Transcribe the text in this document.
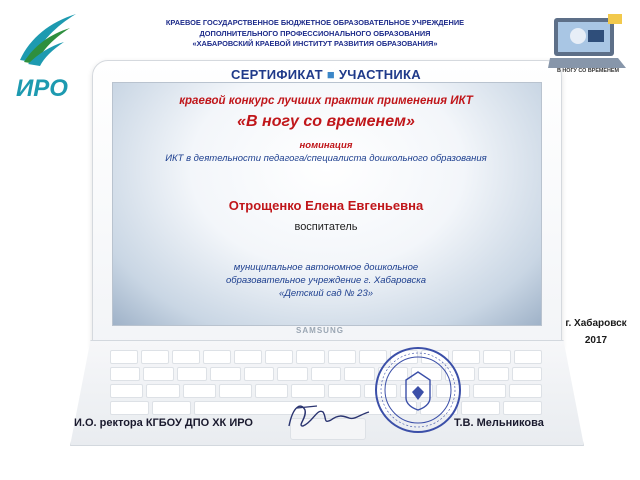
SAMSUNG
ИРО
КРАЕВОЕ ГОСУДАРСТВЕННОЕ БЮДЖЕТНОЕ ОБРАЗОВАТЕЛЬНОЕ УЧРЕЖДЕНИЕ
ДОПОЛНИТЕЛЬНОГО ПРОФЕССИОНАЛЬНОГО ОБРАЗОВАНИЯ
«ХАБАРОВСКИЙ КРАЕВОЙ ИНСТИТУТ РАЗВИТИЯ ОБРАЗОВАНИЯ»
В НОГУ СО ВРЕМЕНЕМ
СЕРТИФИКАТ ■ УЧАСТНИКА
краевой конкурс лучших практик применения ИКТ
«В ногу со временем»
номинация
ИКТ в деятельности педагога/специалиста дошкольного образования
Отрощенко Елена Евгеньевна
воспитатель
муниципальное автономное дошкольное
образовательное учреждение г. Хабаровска
«Детский сад № 23»
г. Хабаровск
2017
И.О. ректора КГБОУ ДПО ХК ИРО	Т.В. Мельникова
